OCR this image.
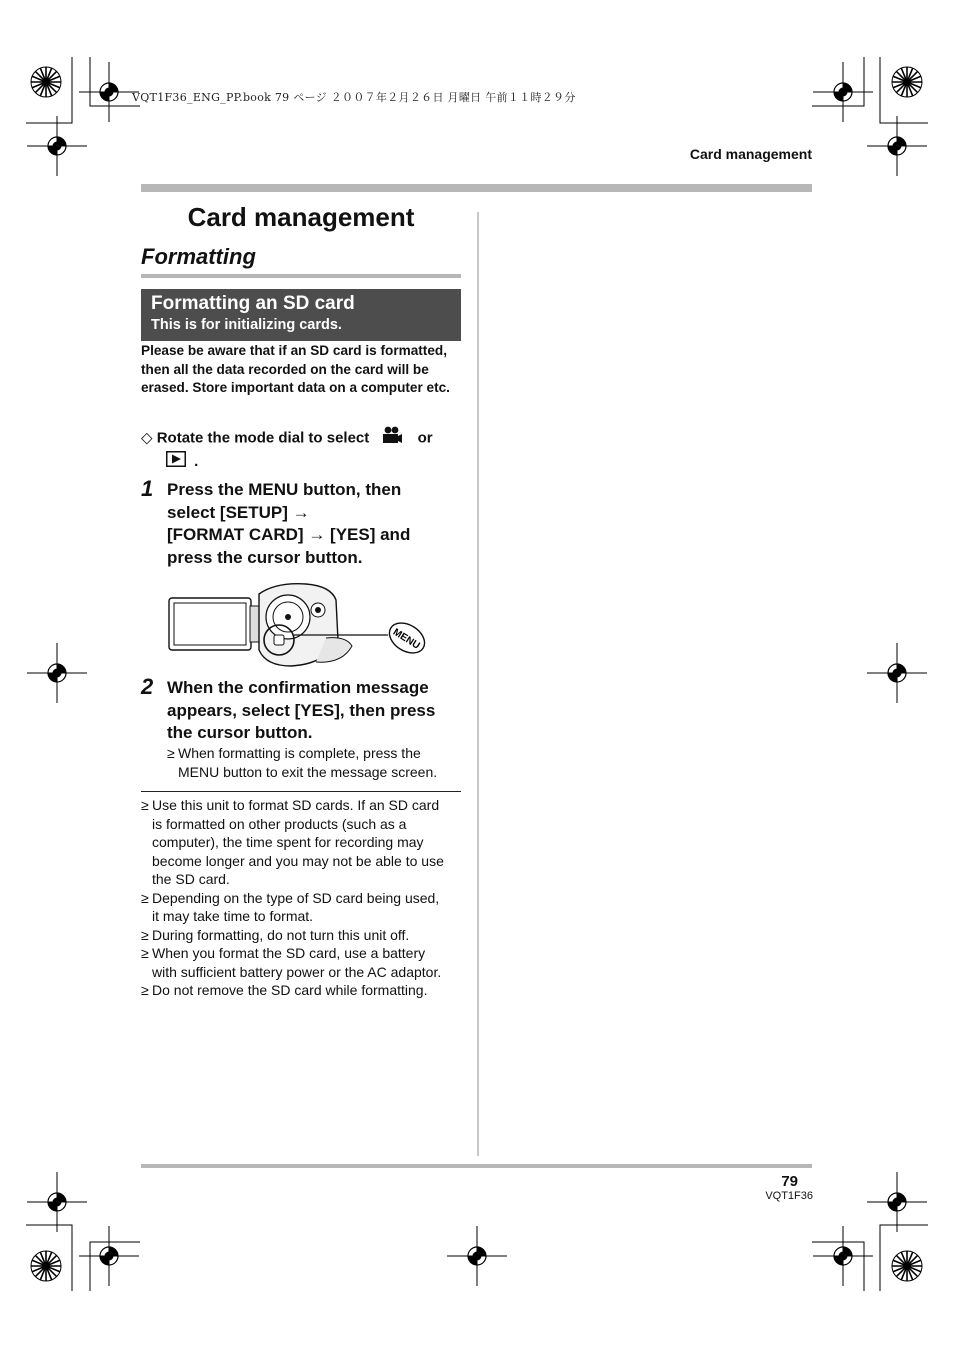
VQT1F36_ENG_PP.book 79 ページ ２００７年２月２６日 月曜日 午前１１時２９分
Card management
Card management
Formatting
Formatting an SD card
This is for initializing cards.
Please be aware that if an SD card is formatted, then all the data recorded on the card will be erased. Store important data on a computer etc.
◇ Rotate the mode dial to select	or
.
1 Press the MENU button, then
select [SETUP] →
[FORMAT CARD] → [YES] and
press the cursor button.
MENU
2 When the confirmation message
appears, select [YES], then press
the cursor button.
≥ When formatting is complete, press the
MENU button to exit the message screen.
≥ Use this unit to format SD cards. If an SD card
is formatted on other products (such as a
computer), the time spent for recording may
become longer and you may not be able to use
the SD card.
≥ Depending on the type of SD card being used,
it may take time to format.
≥ During formatting, do not turn this unit off.
≥ When you format the SD card, use a battery
with sufficient battery power or the AC adaptor.
≥ Do not remove the SD card while formatting.
79
VQT1F36
